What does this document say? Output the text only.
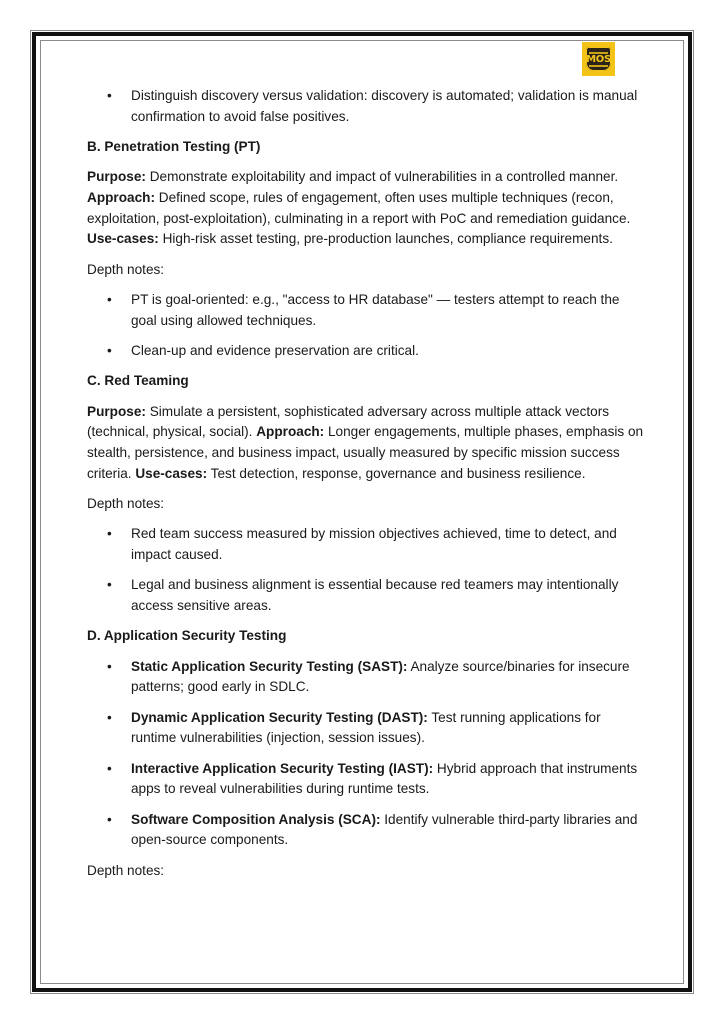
MOS
• Distinguish discovery versus validation: discovery is automated; validation is manual confirmation to avoid false positives.
B. Penetration Testing (PT)

Purpose: Demonstrate exploitability and impact of vulnerabilities in a controlled manner. Approach: Defined scope, rules of engagement, often uses multiple techniques (recon, exploitation, post-exploitation), culminating in a report with PoC and remediation guidance. Use-cases: High-risk asset testing, pre-production launches, compliance requirements.

Depth notes:

• PT is goal-oriented: e.g., "access to HR database" — testers attempt to reach the goal using allowed techniques.
• Clean-up and evidence preservation are critical.
C. Red Teaming

Purpose: Simulate a persistent, sophisticated adversary across multiple attack vectors (technical, physical, social). Approach: Longer engagements, multiple phases, emphasis on stealth, persistence, and business impact, usually measured by specific mission success criteria. Use-cases: Test detection, response, governance and business resilience.

Depth notes:

• Red team success measured by mission objectives achieved, time to detect, and impact caused.
• Legal and business alignment is essential because red teamers may intentionally access sensitive areas.
D. Application Security Testing
• Static Application Security Testing (SAST): Analyze source/binaries for insecure patterns; good early in SDLC.
• Dynamic Application Security Testing (DAST): Test running applications for runtime vulnerabilities (injection, session issues).
• Interactive Application Security Testing (IAST): Hybrid approach that instruments apps to reveal vulnerabilities during runtime tests.
• Software Composition Analysis (SCA): Identify vulnerable third-party libraries and open-source components.

Depth notes:
